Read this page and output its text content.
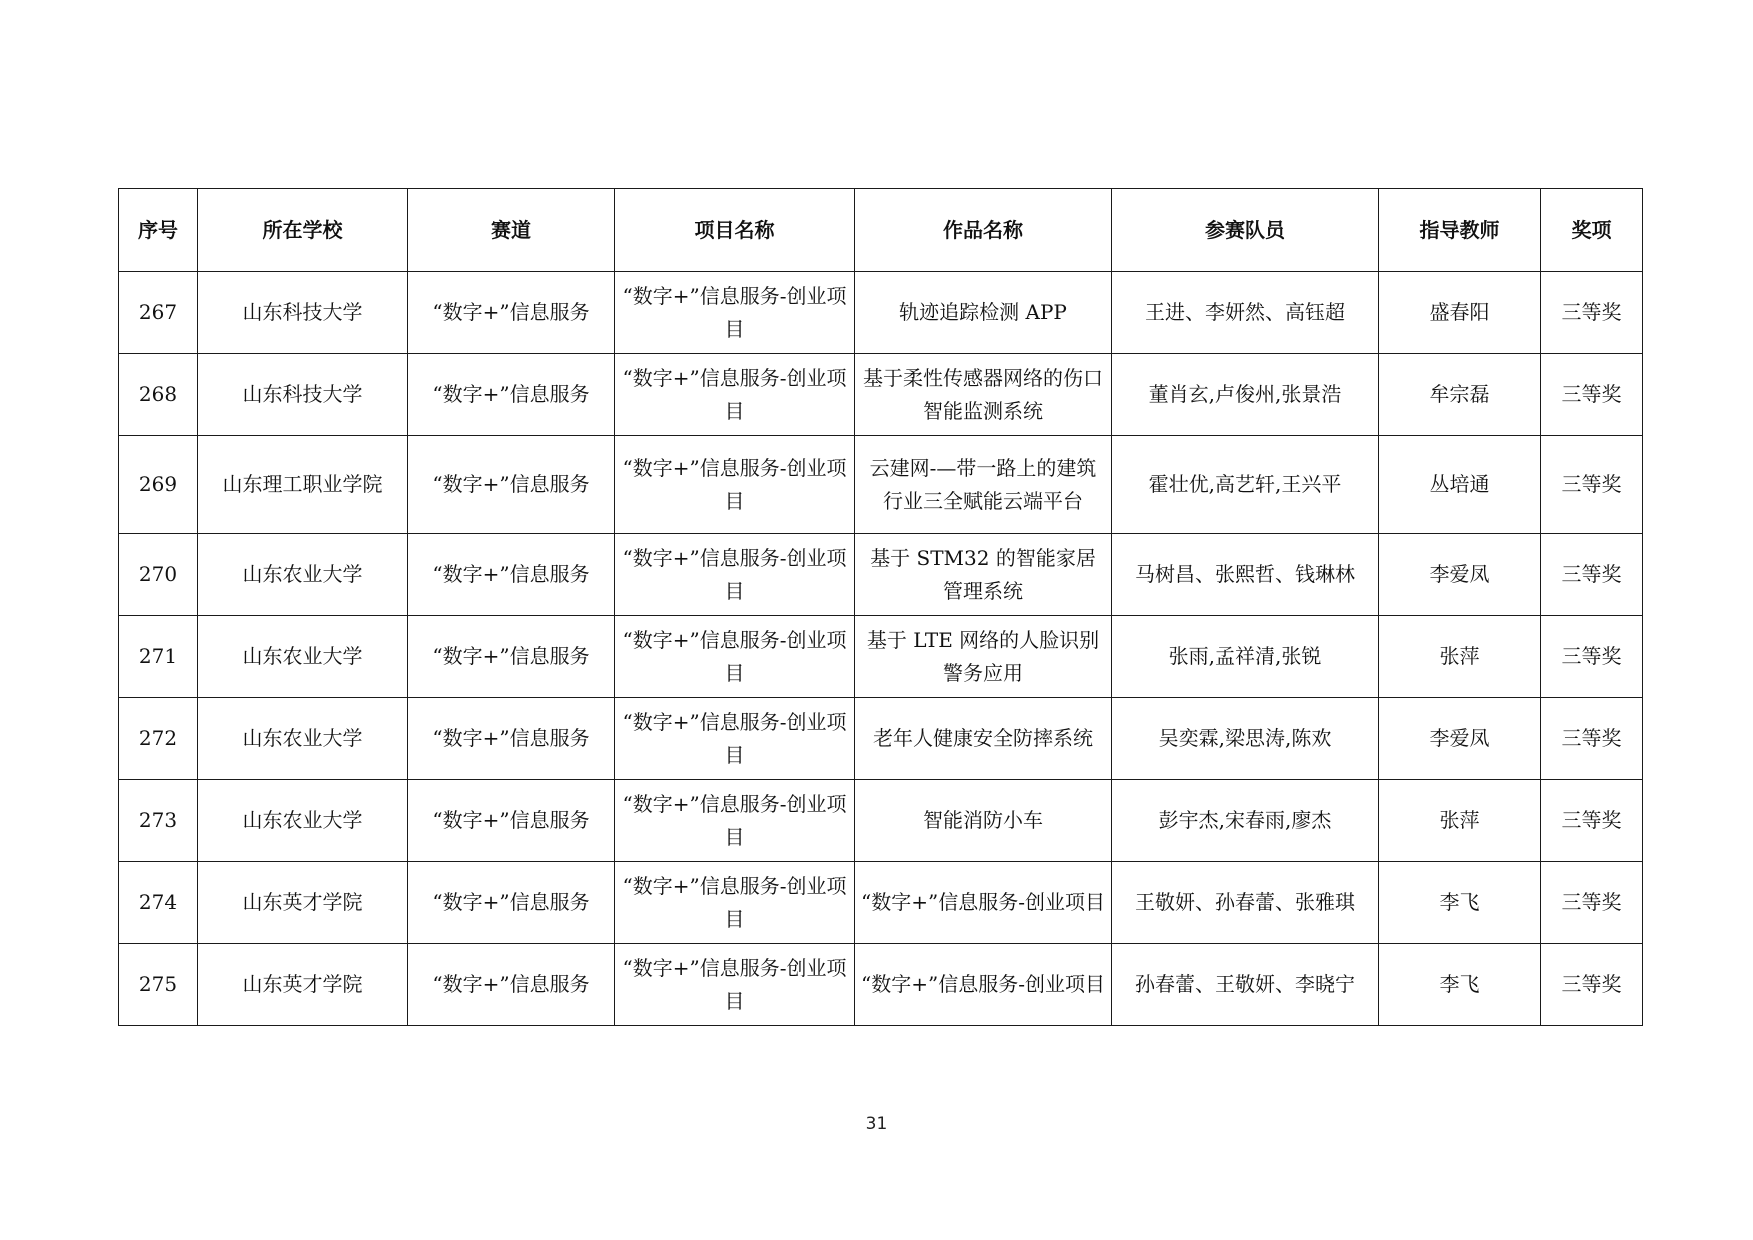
序号	所在学校	赛道	项目名称	作品名称	参赛队员	指导教师	奖项
267	山东科技大学	“数字+”信息服务	“数字+”信息服务-创业项目	轨迹追踪检测 APP	王进、李妍然、高钰超	盛春阳	三等奖
268	山东科技大学	“数字+”信息服务	“数字+”信息服务-创业项目	基于柔性传感器网络的伤口智能监测系统	董肖玄,卢俊州,张景浩	牟宗磊	三等奖
269	山东理工职业学院	“数字+”信息服务	“数字+”信息服务-创业项目	云建网-—带一路上的建筑行业三全赋能云端平台	霍壮优,高艺轩,王兴平	丛培通	三等奖
270	山东农业大学	“数字+”信息服务	“数字+”信息服务-创业项目	基于 STM32 的智能家居管理系统	马树昌、张熙哲、钱琳林	李爱凤	三等奖
271	山东农业大学	“数字+”信息服务	“数字+”信息服务-创业项目	基于 LTE 网络的人脸识别警务应用	张雨,孟祥清,张锐	张萍	三等奖
272	山东农业大学	“数字+”信息服务	“数字+”信息服务-创业项目	老年人健康安全防摔系统	吴奕霖,梁思涛,陈欢	李爱凤	三等奖
273	山东农业大学	“数字+”信息服务	“数字+”信息服务-创业项目	智能消防小车	彭宇杰,宋春雨,廖杰	张萍	三等奖
274	山东英才学院	“数字+”信息服务	“数字+”信息服务-创业项目	“数字+”信息服务-创业项目	王敬妍、孙春蕾、张雅琪	李飞	三等奖
275	山东英才学院	“数字+”信息服务	“数字+”信息服务-创业项目	“数字+”信息服务-创业项目	孙春蕾、王敬妍、李晓宁	李飞	三等奖
31
